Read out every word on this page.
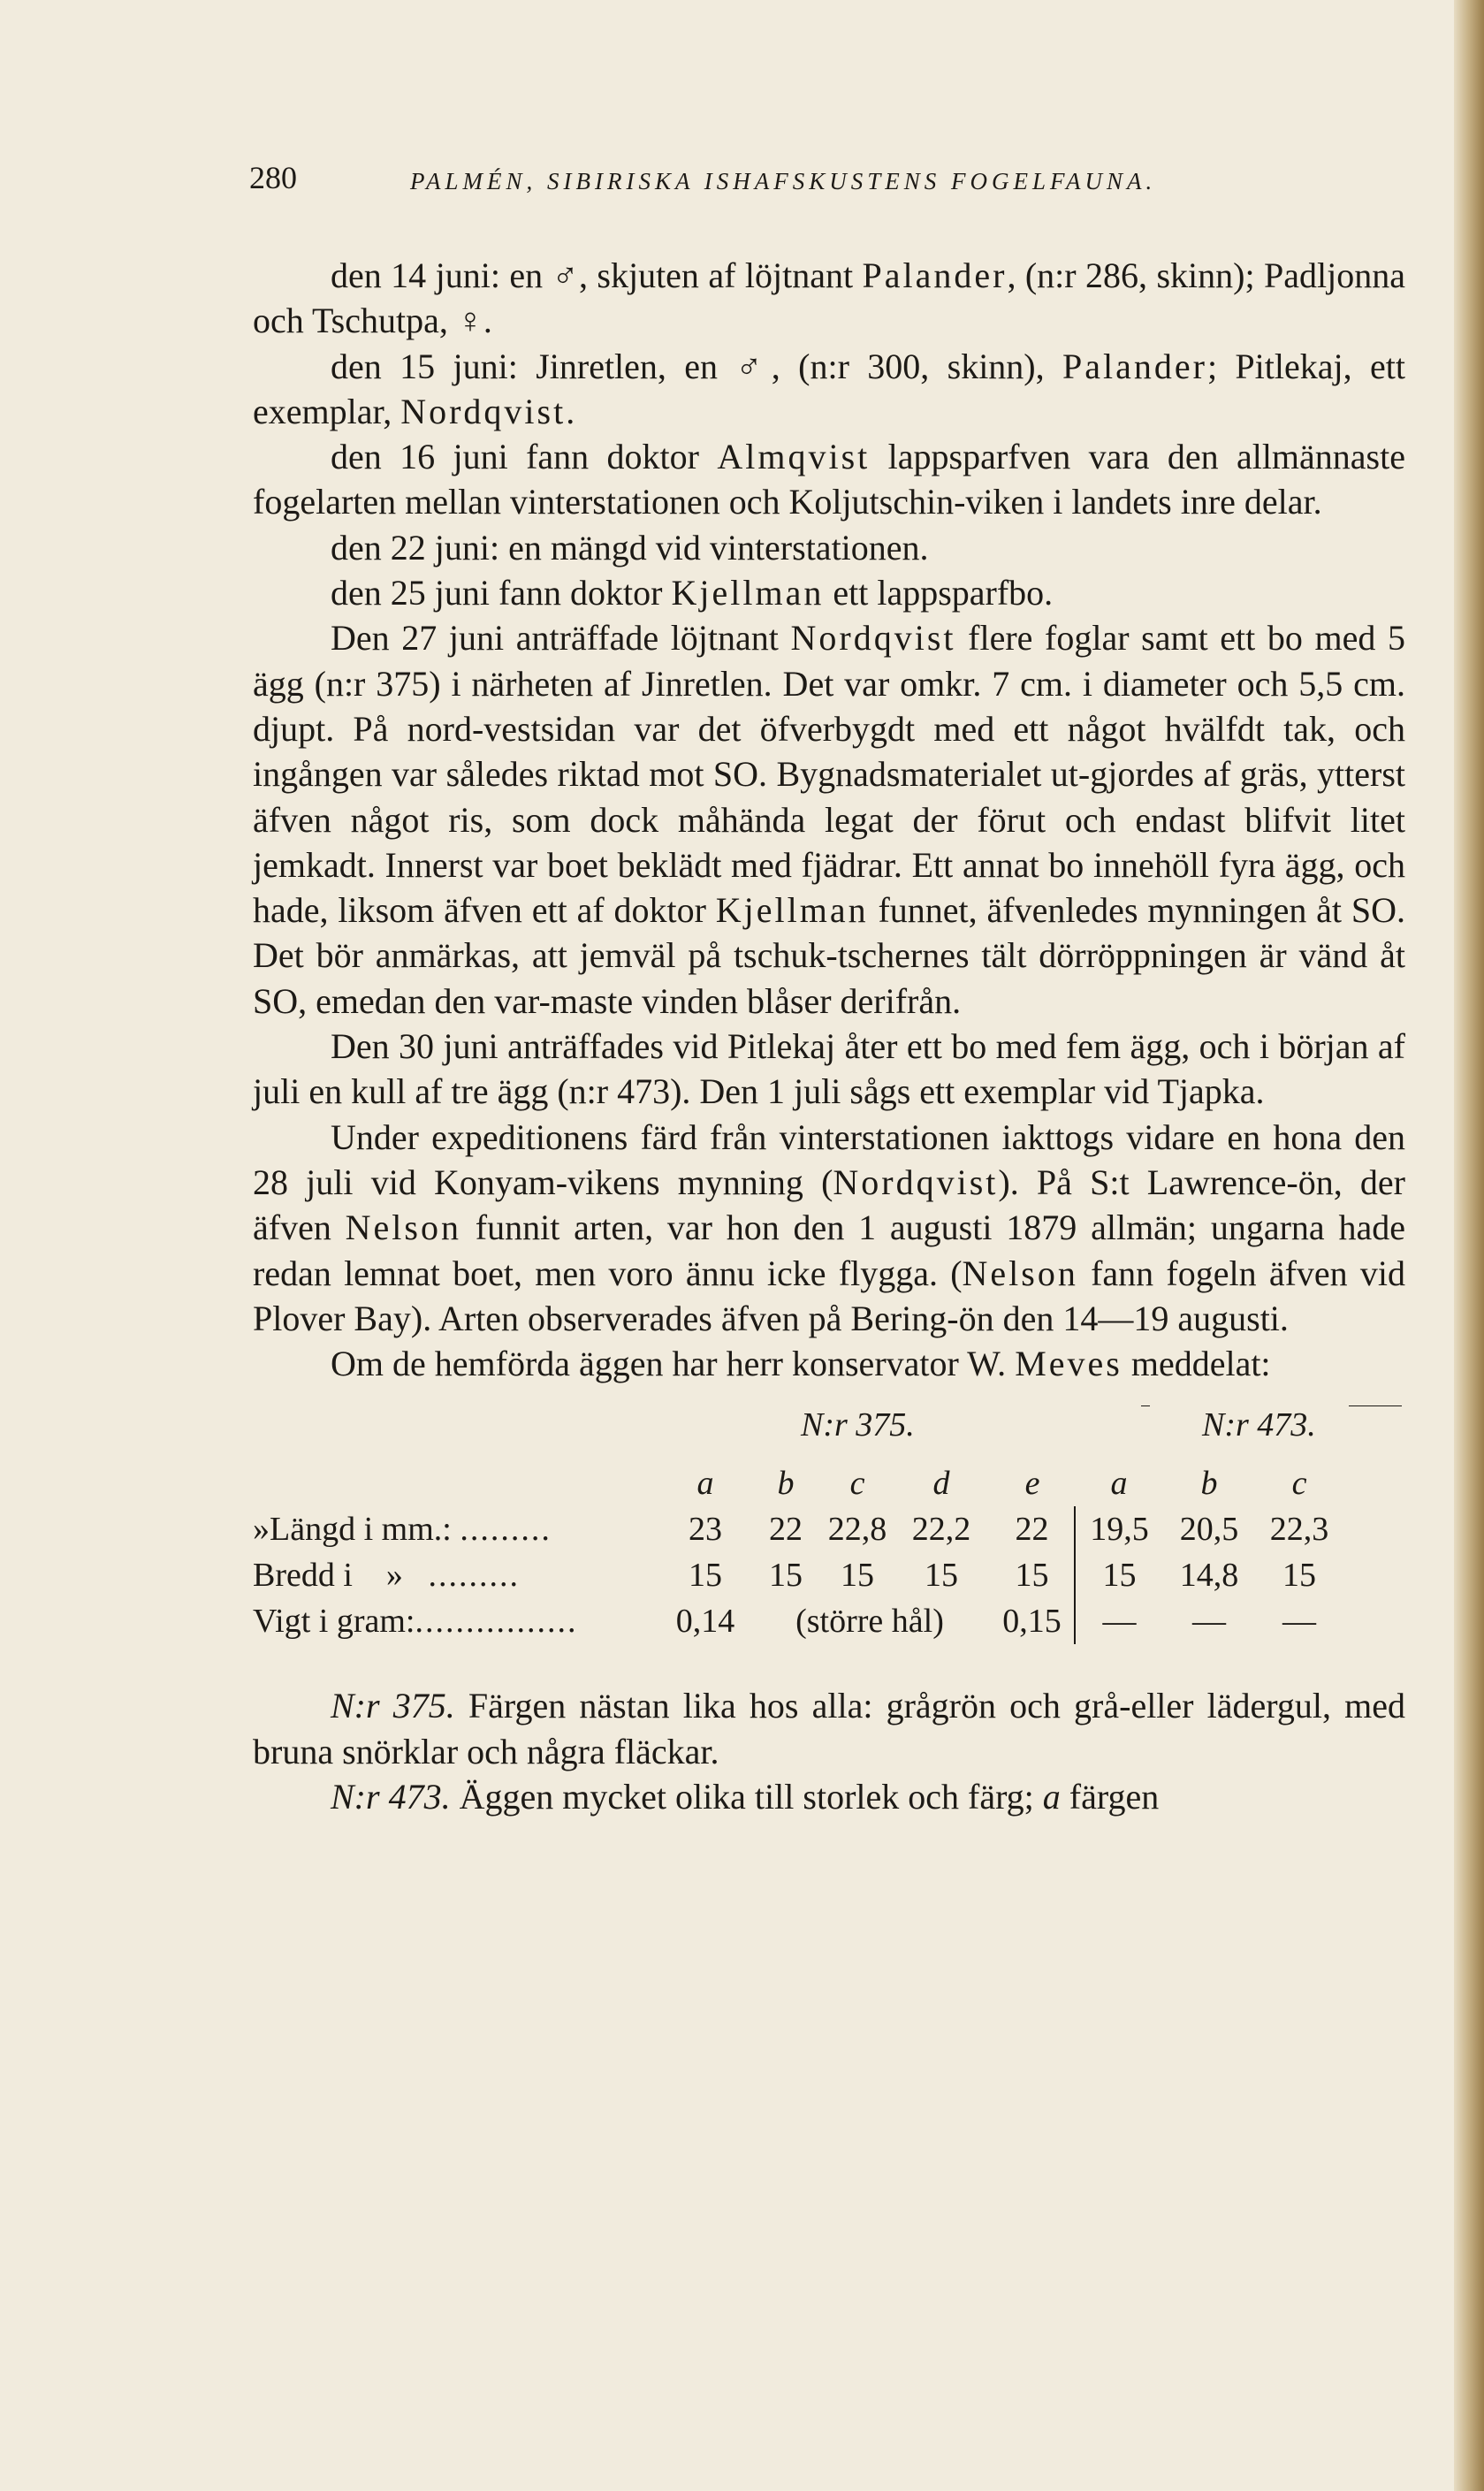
280	PALMÉN, SIBIRISKA ISHAFSKUSTENS FOGELFAUNA.

den 14 juni: en ♂, skjuten af löjtnant Palander, (n:r 286, skinn); Padljonna och Tschutpa, ♀.

den 15 juni: Jinretlen, en ♂, (n:r 300, skinn), Palander; Pitlekaj, ett exemplar, Nordqvist.

den 16 juni fann doktor Almqvist lappsparfven vara den allmännaste fogelarten mellan vinterstationen och Koljutschin-viken i landets inre delar.

den 22 juni: en mängd vid vinterstationen.

den 25 juni fann doktor Kjellman ett lappsparfbo.

Den 27 juni anträffade löjtnant Nordqvist flere foglar samt ett bo med 5 ägg (n:r 375) i närheten af Jinretlen. Det var omkr. 7 cm. i diameter och 5,5 cm. djupt. På nord-vestsidan var det öfverbygdt med ett något hvälfdt tak, och ingången var således riktad mot SO. Bygnadsmaterialet ut-gjordes af gräs, ytterst äfven något ris, som dock måhända legat der förut och endast blifvit litet jemkadt. Innerst var boet beklädt med fjädrar. Ett annat bo innehöll fyra ägg, och hade, liksom äfven ett af doktor Kjellman funnet, äfvenledes mynningen åt SO. Det bör anmärkas, att jemväl på tschuk-tschernes tält dörröppningen är vänd åt SO, emedan den var-maste vinden blåser derifrån.

Den 30 juni anträffades vid Pitlekaj åter ett bo med fem ägg, och i början af juli en kull af tre ägg (n:r 473). Den 1 juli sågs ett exemplar vid Tjapka.

Under expeditionens färd från vinterstationen iakttogs vidare en hona den 28 juli vid Konyam-vikens mynning (Nordqvist). På S:t Lawrence-ön, der äfven Nelson funnit arten, var hon den 1 augusti 1879 allmän; ungarna hade redan lemnat boet, men voro ännu icke flygga. (Nelson fann fogeln äfven vid Plover Bay). Arten observerades äfven på Bering-ön den 14—19 augusti.

Om de hemförda äggen har herr konservator W. Meves meddelat:

N:r 375.	N:r 473.
	a	b	c	d	e	a	b	c
»Längd i mm.: .........	23	22	22,8	22,2	22	19,5	20,5	22,3
Bredd i    »   .........	15	15	15	15	15	15	14,8	15
Vigt i gram:................	0,14	(större hål)			0,15	—	—	—

N:r 375. Färgen nästan lika hos alla: grågrön och grå-eller lädergul, med bruna snörklar och några fläckar.

N:r 473. Äggen mycket olika till storlek och färg; a färgen
